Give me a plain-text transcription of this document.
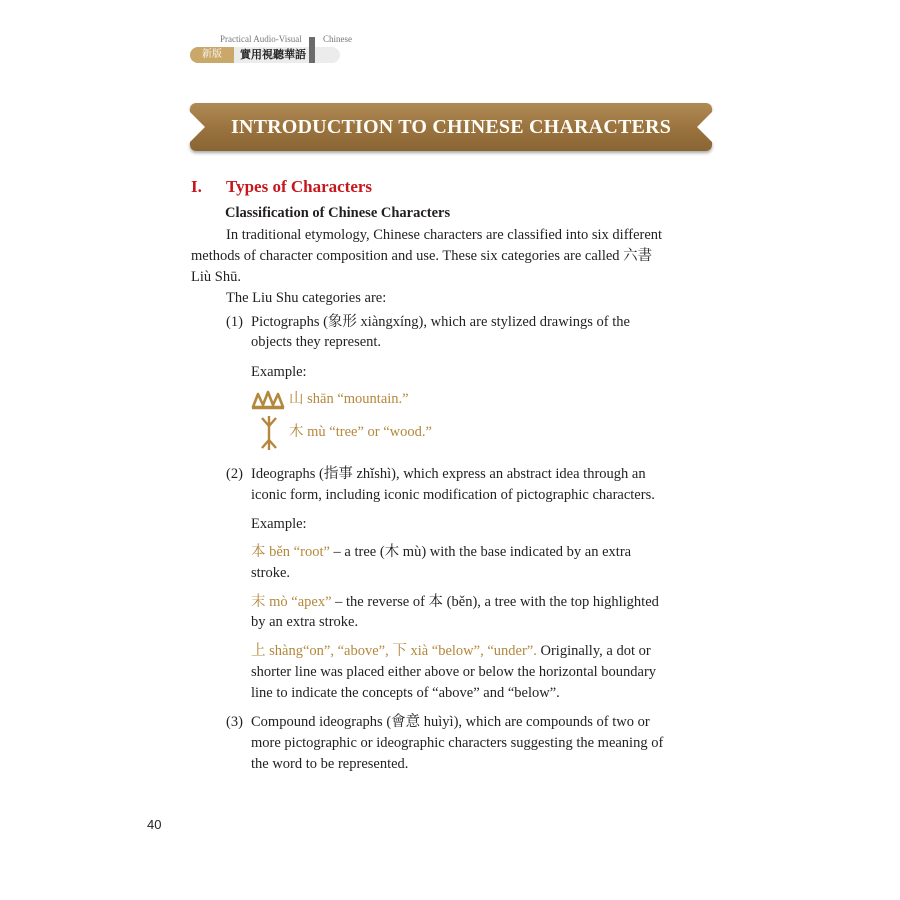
Practical Audio-Visual Chinese
新版	實用視聽華語
INTRODUCTION TO CHINESE CHARACTERS
I. Types of Characters
Classification of Chinese Characters
In traditional etymology, Chinese characters are classified into six different
methods of character composition and use. These six categories are called 六書
Liù Shū.
The Liu Shu categories are:
(1) Pictographs (象形 xiàngxíng), which are stylized drawings of the
objects they represent.
Example:
山 shān “mountain.”
木 mù “tree” or “wood.”
(2) Ideographs (指事 zhǐshì), which express an abstract idea through an
iconic form, including iconic modification of pictographic characters.
Example:
本 běn “root” – a tree (木 mù) with the base indicated by an extra
stroke.
末 mò “apex” – the reverse of 本 (běn), a tree with the top highlighted
by an extra stroke.
上 shàng“on”, “above”, 下 xià “below”, “under”. Originally, a dot or
shorter line was placed either above or below the horizontal boundary
line to indicate the concepts of “above” and “below”.
(3) Compound ideographs (會意 huìyì), which are compounds of two or
more pictographic or ideographic characters suggesting the meaning of
the word to be represented.
40
